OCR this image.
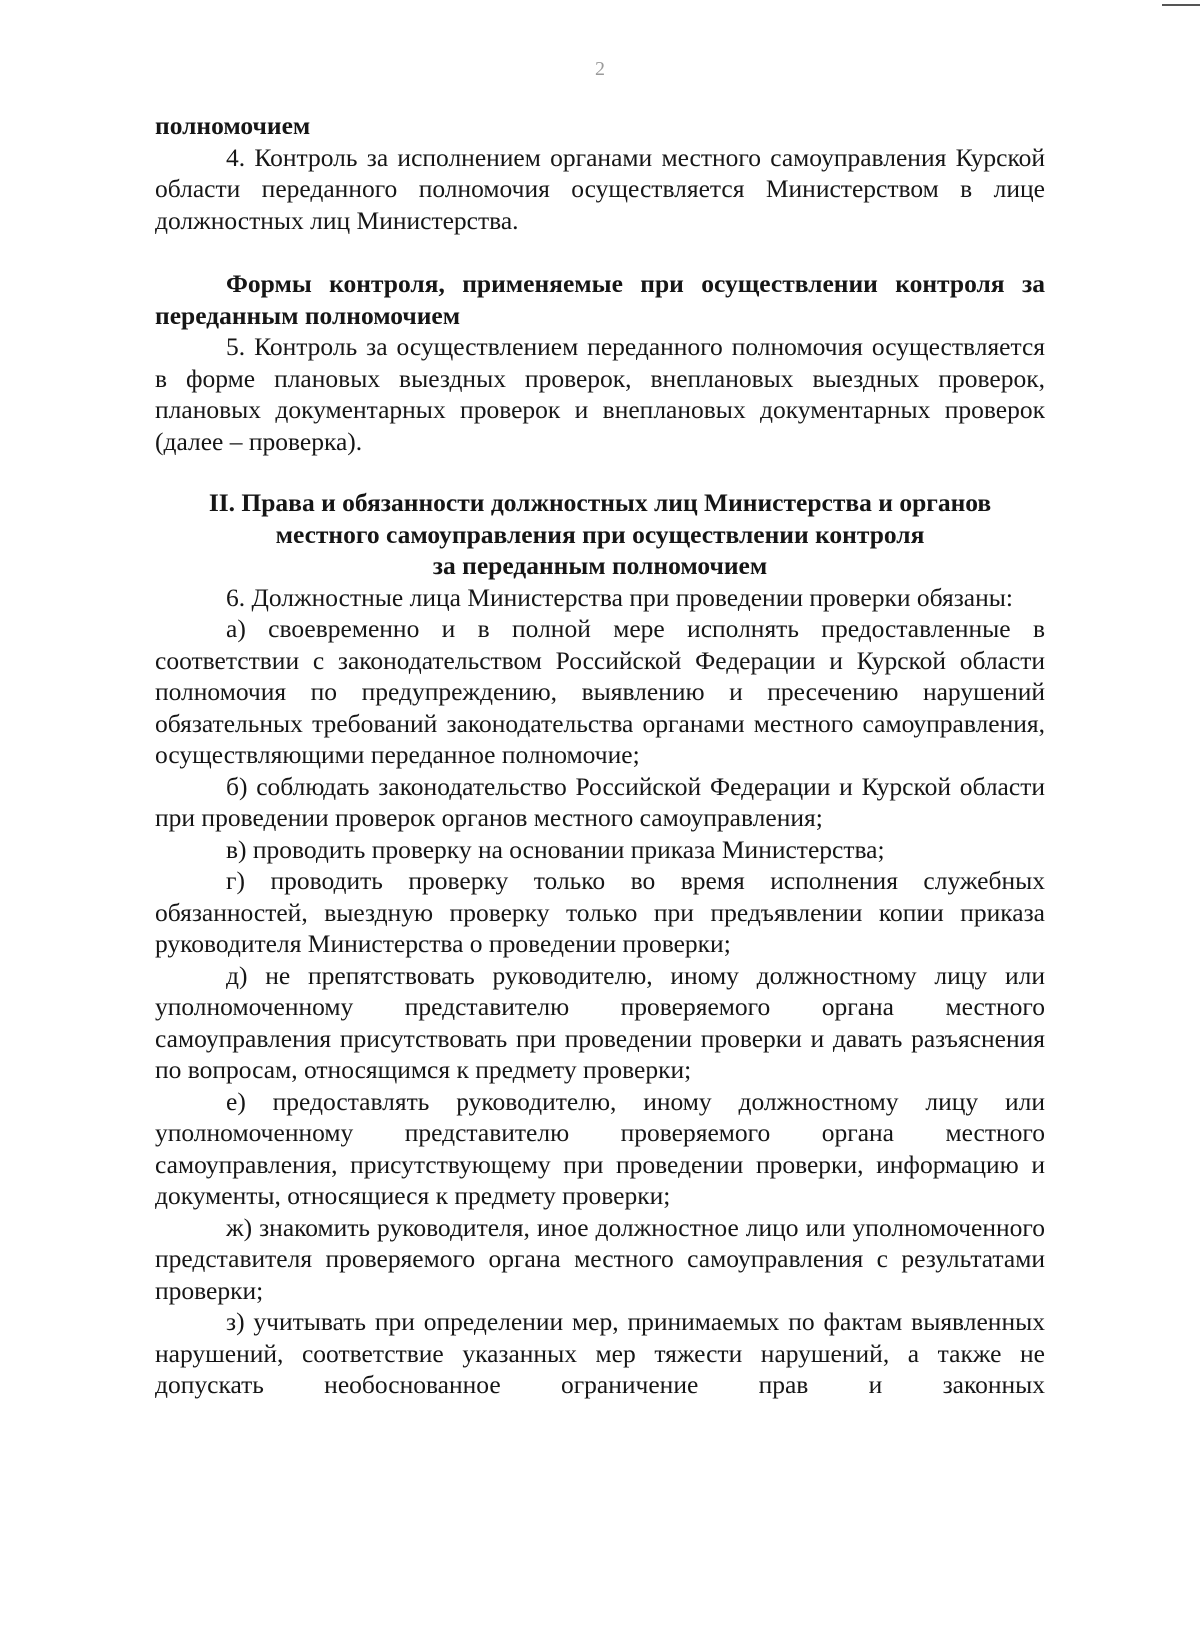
2
полномочием

4. Контроль за исполнением органами местного самоуправления Курской области переданного полномочия осуществляется Министерством в лице должностных лиц Министерства.

Формы контроля, применяемые при осуществлении контроля за переданным полномочием

5. Контроль за осуществлением переданного полномочия осуществляется в форме плановых выездных проверок, внеплановых выездных проверок, плановых документарных проверок и внеплановых документарных проверок (далее – проверка).

II. Права и обязанности должностных лиц Министерства и органов
местного самоуправления при осуществлении контроля
за переданным полномочием

6. Должностные лица Министерства при проведении проверки обязаны:

а) своевременно и в полной мере исполнять предоставленные в соответствии с законодательством Российской Федерации и Курской области полномочия по предупреждению, выявлению и пресечению нарушений обязательных требований законодательства органами местного самоуправления, осуществляющими переданное полномочие;

б) соблюдать законодательство Российской Федерации и Курской области при проведении проверок органов местного самоуправления;

в) проводить проверку на основании приказа Министерства;

г) проводить проверку только во время исполнения служебных обязанностей, выездную проверку только при предъявлении копии приказа руководителя Министерства о проведении проверки;

д) не препятствовать руководителю, иному должностному лицу или уполномоченному представителю проверяемого органа местного самоуправления присутствовать при проведении проверки и давать разъяснения по вопросам, относящимся к предмету проверки;

е) предоставлять руководителю, иному должностному лицу или уполномоченному представителю проверяемого органа местного самоуправления, присутствующему при проведении проверки, информацию и документы, относящиеся к предмету проверки;

ж) знакомить руководителя, иное должностное лицо или уполномоченного представителя проверяемого органа местного самоуправления с результатами проверки;

з) учитывать при определении мер, принимаемых по фактам выявленных нарушений, соответствие указанных мер тяжести нарушений, а также не допускать необоснованное ограничение прав и законных
